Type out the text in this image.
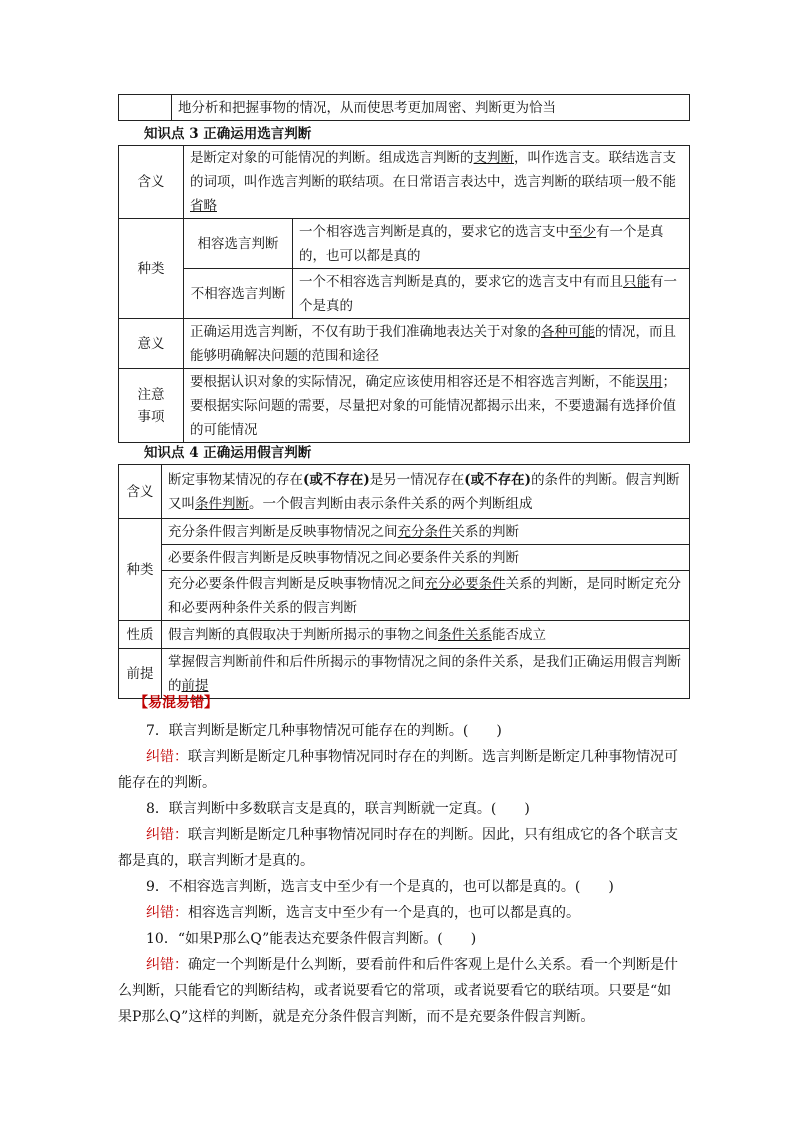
	地分析和把握事物的情况，从而使思考更加周密、判断更为恰当
知识点 3 正确运用选言判断
含义	是断定对象的可能情况的判断。组成选言判断的支判断，叫作选言支。联结选言支的词项，叫作选言判断的联结项。在日常语言表达中，选言判断的联结项一般不能省略	
种类	相容选言判断	一个相容选言判断是真的，要求它的选言支中至少有一个是真的，也可以都是真的
	不相容选言判断	一个不相容选言判断是真的，要求它的选言支中有而且只能有一个是真的
意义	正确运用选言判断，不仅有助于我们准确地表达关于对象的各种可能的情况，而且能够明确解决问题的范围和途径	
注意
事项	要根据认识对象的实际情况，确定应该使用相容还是不相容选言判断，不能误用；要根据实际问题的需要，尽量把对象的可能情况都揭示出来，不要遗漏有选择价值的可能情况	
知识点 4 正确运用假言判断
含义	断定事物某情况的存在(或不存在)是另一情况存在(或不存在)的条件的判断。假言判断又叫条件判断。一个假言判断由表示条件关系的两个判断组成
种类	充分条件假言判断是反映事物情况之间充分条件关系的判断
	必要条件假言判断是反映事物情况之间必要条件关系的判断
	充分必要条件假言判断是反映事物情况之间充分必要条件关系的判断，是同时断定充分和必要两种条件关系的假言判断
性质	假言判断的真假取决于判断所揭示的事物之间条件关系能否成立
前提	掌握假言判断前件和后件所揭示的事物情况之间的条件关系，是我们正确运用假言判断的前提
【易混易错】

7．联言判断是断定几种事物情况可能存在的判断。(　　)

纠错：联言判断是断定几种事物情况同时存在的判断。选言判断是断定几种事物情况可能存在的判断。

8．联言判断中多数联言支是真的，联言判断就一定真。(　　)

纠错：联言判断是断定几种事物情况同时存在的判断。因此，只有组成它的各个联言支都是真的，联言判断才是真的。

9．不相容选言判断，选言支中至少有一个是真的，也可以都是真的。(　　)

纠错：相容选言判断，选言支中至少有一个是真的，也可以都是真的。

10．“如果P那么Q”能表达充要条件假言判断。(　　)

纠错：确定一个判断是什么判断，要看前件和后件客观上是什么关系。看一个判断是什么判断，只能看它的判断结构，或者说要看它的常项，或者说要看它的联结项。只要是“如果P那么Q”这样的判断，就是充分条件假言判断，而不是充要条件假言判断。
